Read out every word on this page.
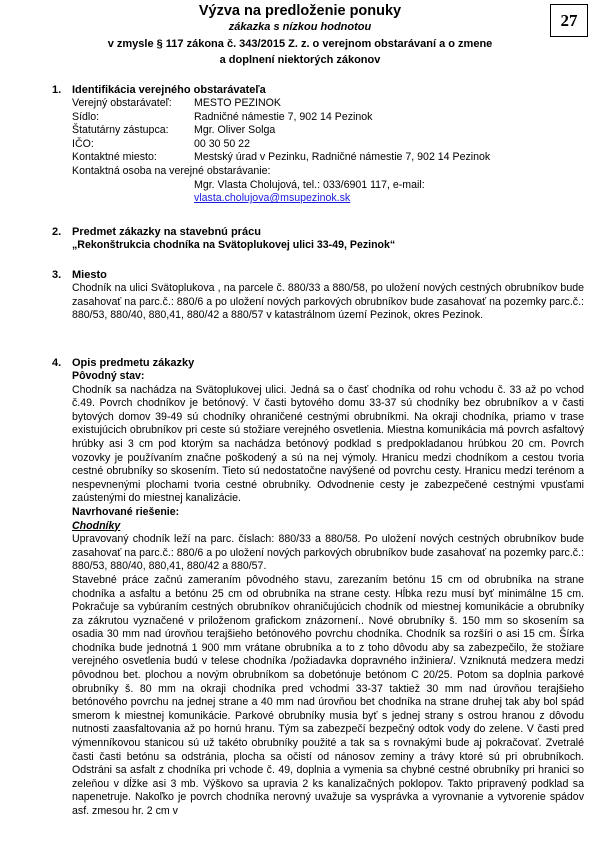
27
Výzva na predloženie ponuky
zákazka s nízkou hodnotou
v zmysle § 117 zákona č. 343/2015 Z. z. o verejnom obstarávaní a o zmene
a doplnení niektorých zákonov
1. Identifikácia verejného obstarávateľa
Verejný obstarávateľ:	MESTO PEZINOK
Sídlo:	Radničné námestie 7, 902 14 Pezinok
Štatutárny zástupca:	Mgr. Oliver Solga
IČO:	00 30 50 22
Kontaktné miesto:	Mestský úrad v Pezinku, Radničné námestie 7, 902 14 Pezinok
Kontaktná osoba na verejné obstarávanie:
Mgr. Vlasta Cholujová, tel.: 033/6901 117, e-mail:
vlasta.cholujova@msupezinok.sk
2. Predmet zákazky na stavebnú prácu
„Rekonštrukcia chodníka na Svätoplukovej ulici 33-49, Pezinok“
3. Miesto
Chodník na ulici Svätoplukova , na parcele č. 880/33 a 880/58, po uložení nových cestných obrubníkov bude zasahovať na parc.č.: 880/6 a po uložení nových parkových obrubníkov bude zasahovať na pozemky parc.č.: 880/53, 880/40, 880,41, 880/42 a 880/57 v katastrálnom území Pezinok, okres Pezinok.
4. Opis predmetu zákazky
Pôvodný stav:

Chodník sa nachádza na Svätoplukovej ulici. Jedná sa o časť chodníka od rohu vchodu č. 33 až po vchod č.49. Povrch chodníkov je betónový. V časti bytového domu 33-37 sú chodníky bez obrubníkov a v časti bytových domov 39-49 sú chodníky ohraničené cestnými obrubníkmi. Na okraji chodníka, priamo v trase existujúcich obrubníkov pri ceste sú stožiare verejného osvetlenia. Miestna komunikácia má povrch asfaltový hrúbky asi 3 cm pod ktorým sa nachádza betónový podklad s predpokladanou hrúbkou 20 cm. Povrch vozovky je používaním značne poškodený a sú na nej výmoly. Hranicu medzi chodníkom a cestou tvoria cestné obrubníky so skosením. Tieto sú nedostatočne navýšené od povrchu cesty. Hranicu medzi terénom a nespevnenými plochami tvoria cestné obrubníky. Odvodnenie cesty je zabezpečené cestnými vpusťami zaústenými do miestnej kanalizácie.

Navrhované riešenie:
Chodníky

Upravovaný chodník leží na parc. číslach: 880/33 a 880/58. Po uložení nových cestných obrubníkov bude zasahovať na parc.č.: 880/6 a po uložení nových parkových obrubníkov bude zasahovať na pozemky parc.č.: 880/53, 880/40, 880,41, 880/42 a 880/57.

Stavebné práce začnú zameraním pôvodného stavu, zarezaním betónu 15 cm od obrubníka na strane chodníka a asfaltu a betónu 25 cm od obrubníka na strane cesty. Hĺbka rezu musí byť minimálne 15 cm. Pokračuje sa vybúraním cestných obrubníkov ohraničujúcich chodník od miestnej komunikácie a obrubníky za zákrutou vyznačené v priloženom grafickom znázornení.. Nové obrubníky š. 150 mm so skosením sa osadia 30 mm nad úrovňou terajšieho betónového povrchu chodníka. Chodník sa rozšíri o asi 15 cm. Šírka chodníka bude jednotná 1 900 mm vrátane obrubníka a to z toho dôvodu aby sa zabezpečilo, že stožiare verejného osvetlenia budú v telese chodníka /požiadavka dopravného inžiniera/. Vzniknutá medzera medzi pôvodnou bet. plochou a novým obrubníkom sa dobetónuje betónom C 20/25. Potom sa doplnia parkové obrubníky š. 80 mm na okraji chodníka pred vchodmi 33-37 taktiež 30 mm nad úrovňou terajšieho betónového povrchu na jednej strane a 40 mm nad úrovňou bet chodníka na strane druhej tak aby bol spád smerom k miestnej komunikácie. Parkové obrubníky musia byť s jednej strany s ostrou hranou z dôvodu nutnosti zaasfaltovania až po hornú hranu. Tým sa zabezpečí bezpečný odtok vody do zelene. V časti pred výmenníkovou stanicou sú už takéto obrubníky použité a tak sa s rovnakými bude aj pokračovať. Zvetralé časti časti betónu sa odstránia, plocha sa očistí od nánosov zeminy a trávy ktoré sú pri obrubníkoch. Odstráni sa asfalt z chodníka pri vchode č. 49, doplnia a vymenia sa chybné cestné obrubníky pri hranici so zeleňou v dĺžke asi 3 mb. Výškovo sa upravia 2 ks kanalizačných poklopov. Takto pripravený podklad sa napenetruje. Nakoľko je povrch chodníka nerovný uvažuje sa vysprávka a vyrovnanie a vytvorenie spádov asf. zmesou hr. 2 cm v
